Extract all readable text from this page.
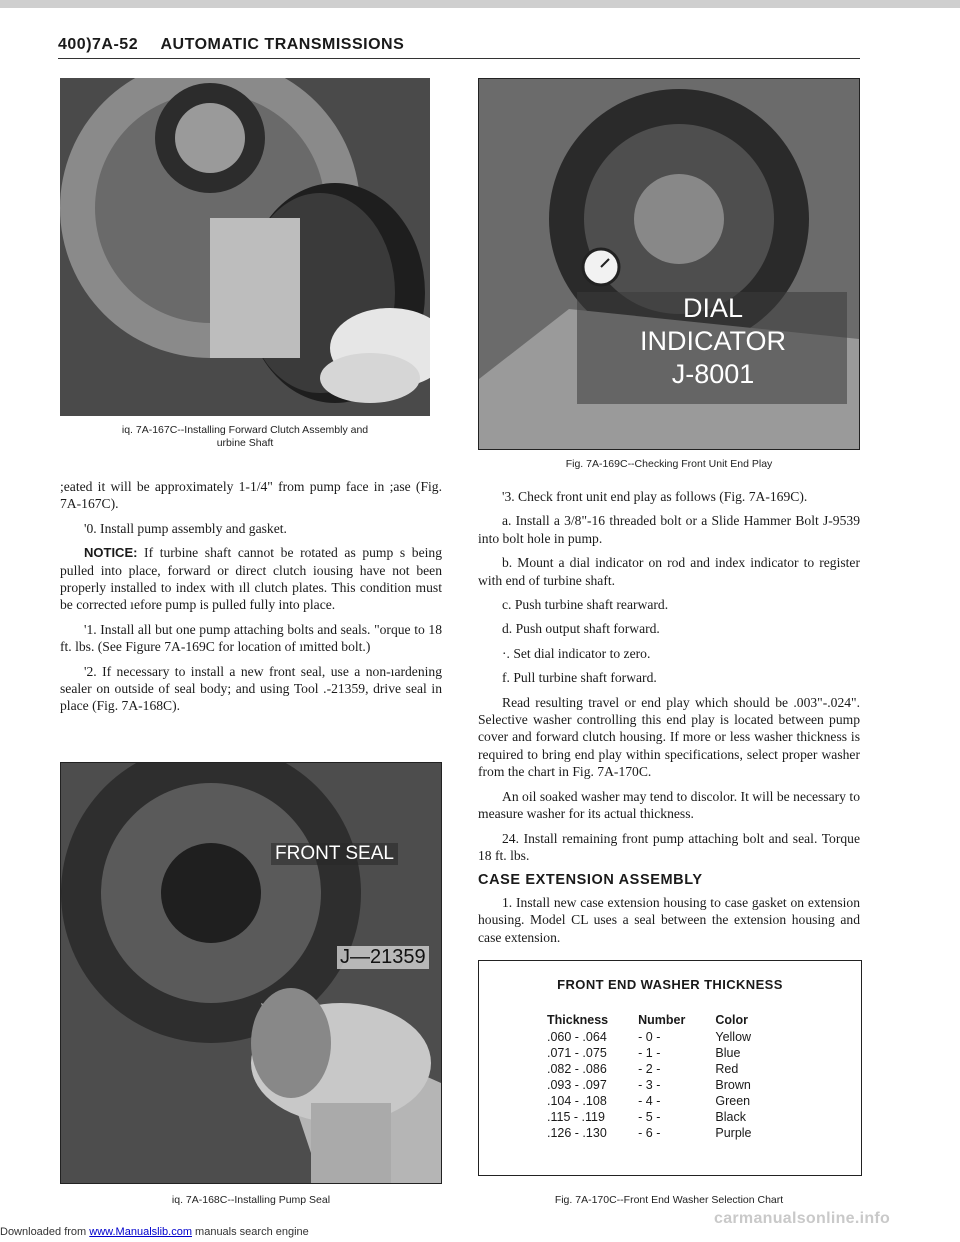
400)7A-52 AUTOMATIC TRANSMISSIONS
iq. 7A-167C--Installing Forward Clutch Assembly and
urbine Shaft
DIAL
INDICATOR
J-8001
Fig. 7A-169C--Checking Front Unit End Play

;eated it will be approximately 1-1/4" from pump face in ;ase (Fig. 7A-167C).

'0. Install pump assembly and gasket.

NOTICE: If turbine shaft cannot be rotated as pump s being pulled into place, forward or direct clutch iousing have not been properly installed to index with ıll clutch plates. This condition must be corrected ıefore pump is pulled fully into place.

'1. Install all but one pump attaching bolts and seals. "orque to 18 ft. lbs. (See Figure 7A-169C for location of ımitted bolt.)

'2. If necessary to install a new front seal, use a non-ıardening sealer on outside of seal body; and using Tool .-21359, drive seal in place (Fig. 7A-168C).

FRONT SEAL
J—21359
iq. 7A-168C--Installing Pump Seal

'3. Check front unit end play as follows (Fig. 7A-169C).

a. Install a 3/8"-16 threaded bolt or a Slide Hammer Bolt J-9539 into bolt hole in pump.

b. Mount a dial indicator on rod and index indicator to register with end of turbine shaft.

c. Push turbine shaft rearward.

d. Push output shaft forward.

·. Set dial indicator to zero.

f. Pull turbine shaft forward.

Read resulting travel or end play which should be .003"-.024". Selective washer controlling this end play is located between pump cover and forward clutch housing. If more or less washer thickness is required to bring end play within specifications, select proper washer from the chart in Fig. 7A-170C.

An oil soaked washer may tend to discolor. It will be necessary to measure washer for its actual thickness.

24. Install remaining front pump attaching bolt and seal. Torque 18 ft. lbs.

CASE EXTENSION ASSEMBLY

1. Install new case extension housing to case gasket on extension housing. Model CL uses a seal between the extension housing and case extension.

FRONT END WASHER THICKNESS
Thickness	Number	Color
.060 - .064	- 0 -	Yellow
.071 - .075	- 1 -	Blue
.082 - .086	- 2 -	Red
.093 - .097	- 3 -	Brown
.104 - .108	- 4 -	Green
.115 - .119	- 5 -	Black
.126 - .130	- 6 -	Purple
Fig. 7A-170C--Front End Washer Selection Chart
carmanualsonline.info
Downloaded from www.Manualslib.com manuals search engine
